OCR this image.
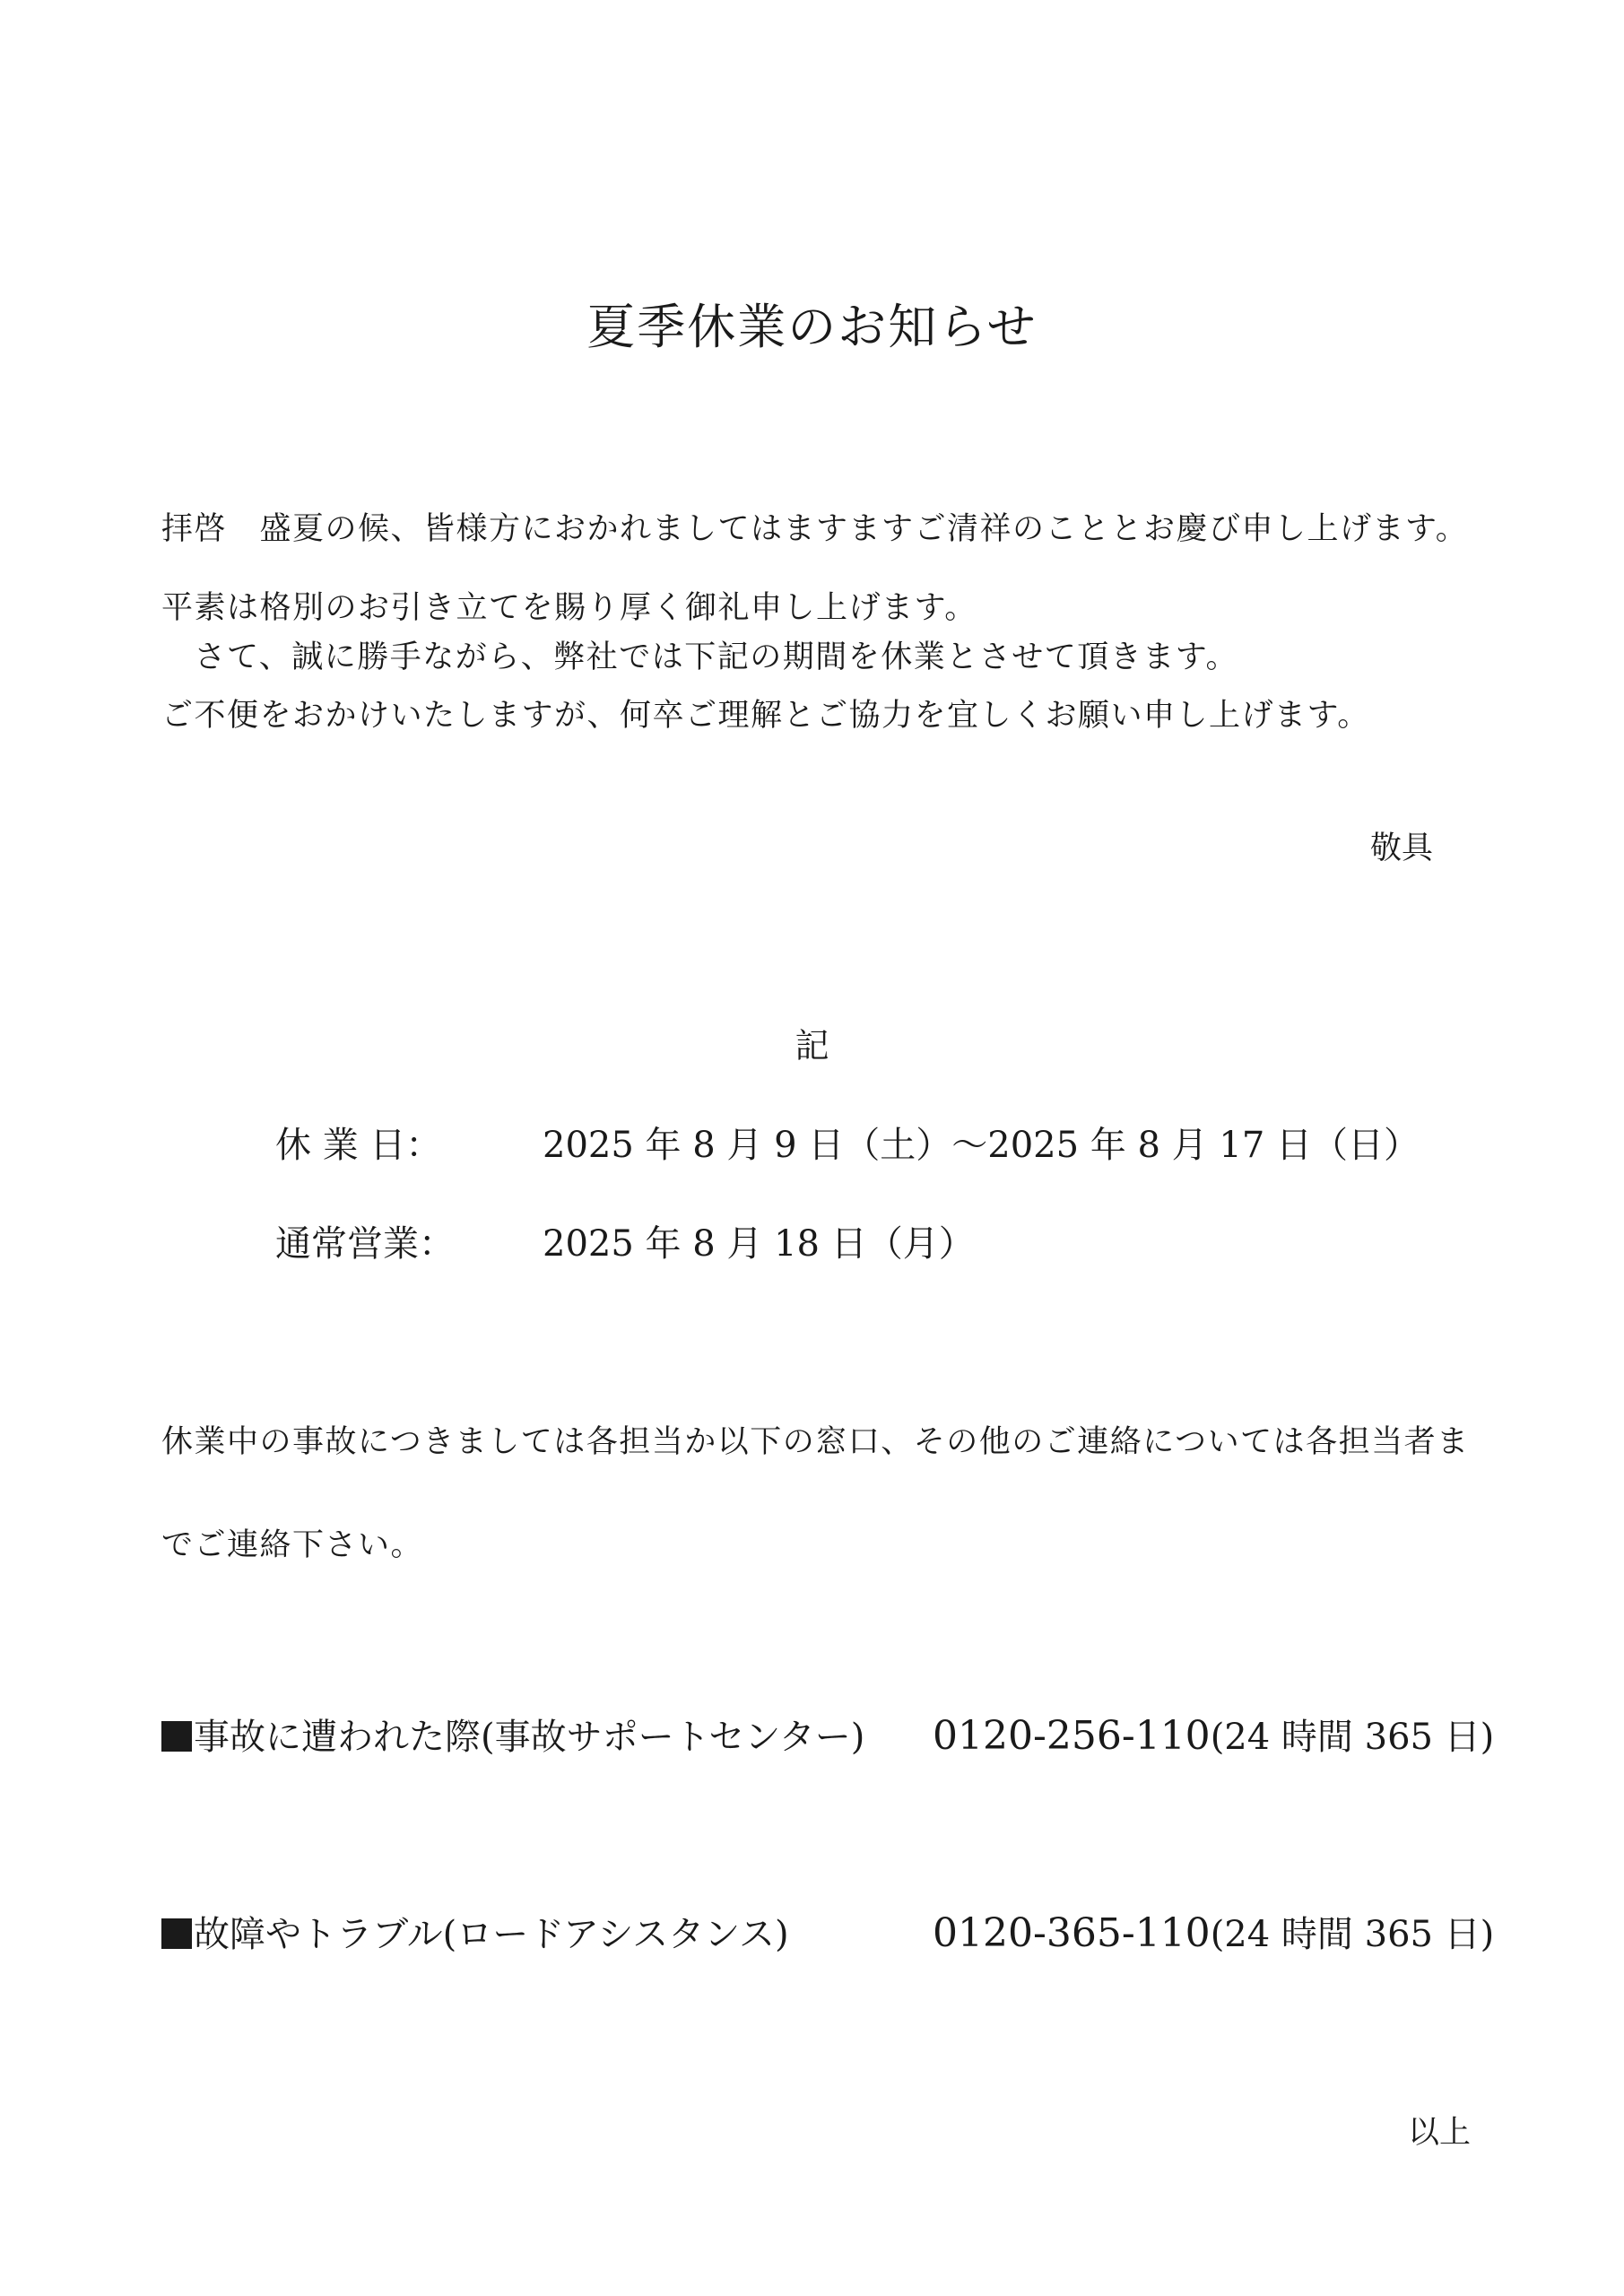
夏季休業のお知らせ
拝啓　盛夏の候、皆様方におかれましてはますますご清祥のこととお慶び申し上げます。
平素は格別のお引き立てを賜り厚く御礼申し上げます。
　さて、誠に勝手ながら、弊社では下記の期間を休業とさせて頂きます。
ご不便をおかけいたしますが、何卒ご理解とご協力を宜しくお願い申し上げます。
敬具
記
休 業 日：	2025 年 8 月 9 日（土）～2025 年 8 月 17 日（日）
通常営業： 2025 年 8 月 18 日（月）
休業中の事故につきましては各担当か以下の窓口、その他のご連絡については各担当者ま
でご連絡下さい。
事故に遭われた際(事故サポートセンター) 0120-256-110(24 時間 365 日)
故障やトラブル(ロードアシスタンス)	0120-365-110(24 時間 365 日)
以上
